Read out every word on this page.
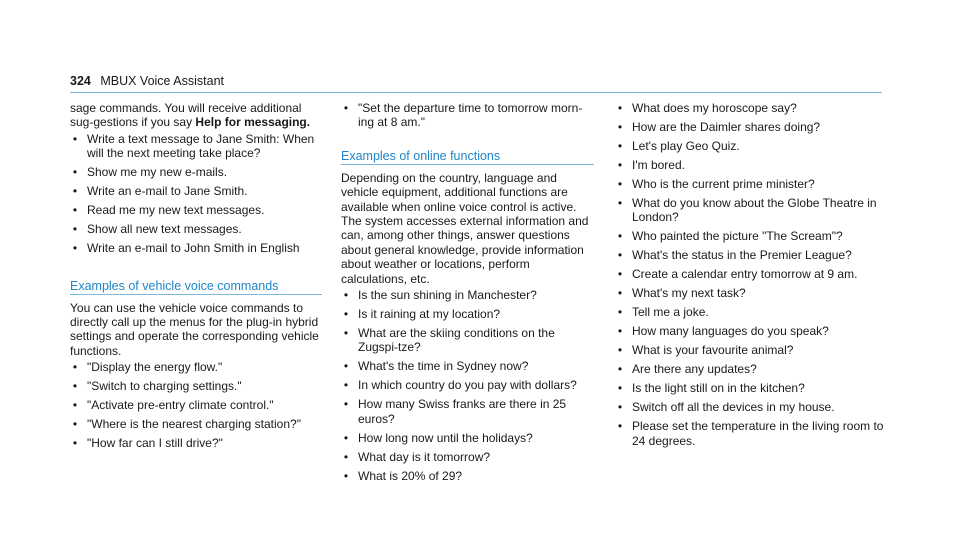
324 MBUX Voice Assistant

sage commands. You will receive additional sug-gestions if you say Help for messaging.

• Write a text message to Jane Smith: When will the next meeting take place?
• Show me my new e-mails.
• Write an e-mail to Jane Smith.
• Read me my new text messages.
• Show all new text messages.
• Write an e-mail to John Smith in English
Examples of vehicle voice commands

You can use the vehicle voice commands to directly call up the menus for the plug-in hybrid settings and operate the corresponding vehicle functions.

• "Display the energy flow."
• "Switch to charging settings."
• "Activate pre-entry climate control."
• "Where is the nearest charging station?"
• "How far can I still drive?"
• "Set the departure time to tomorrow morn-ing at 8 am."
Examples of online functions

Depending on the country, language and vehicle equipment, additional functions are available when online voice control is active. The system accesses external information and can, among other things, answer questions about general knowledge, provide information about weather or locations, perform calculations, etc.

• Is the sun shining in Manchester?
• Is it raining at my location?
• What are the skiing conditions on the Zugspi-tze?
• What's the time in Sydney now?
• In which country do you pay with dollars?
• How many Swiss franks are there in 25 euros?
• How long now until the holidays?
• What day is it tomorrow?
• What is 20% of 29?
• What does my horoscope say?
• How are the Daimler shares doing?
• Let's play Geo Quiz.
• I'm bored.
• Who is the current prime minister?
• What do you know about the Globe Theatre in London?
• Who painted the picture "The Scream"?
• What's the status in the Premier League?
• Create a calendar entry tomorrow at 9 am.
• What's my next task?
• Tell me a joke.
• How many languages do you speak?
• What is your favourite animal?
• Are there any updates?
• Is the light still on in the kitchen?
• Switch off all the devices in my house.
• Please set the temperature in the living room to 24 degrees.
